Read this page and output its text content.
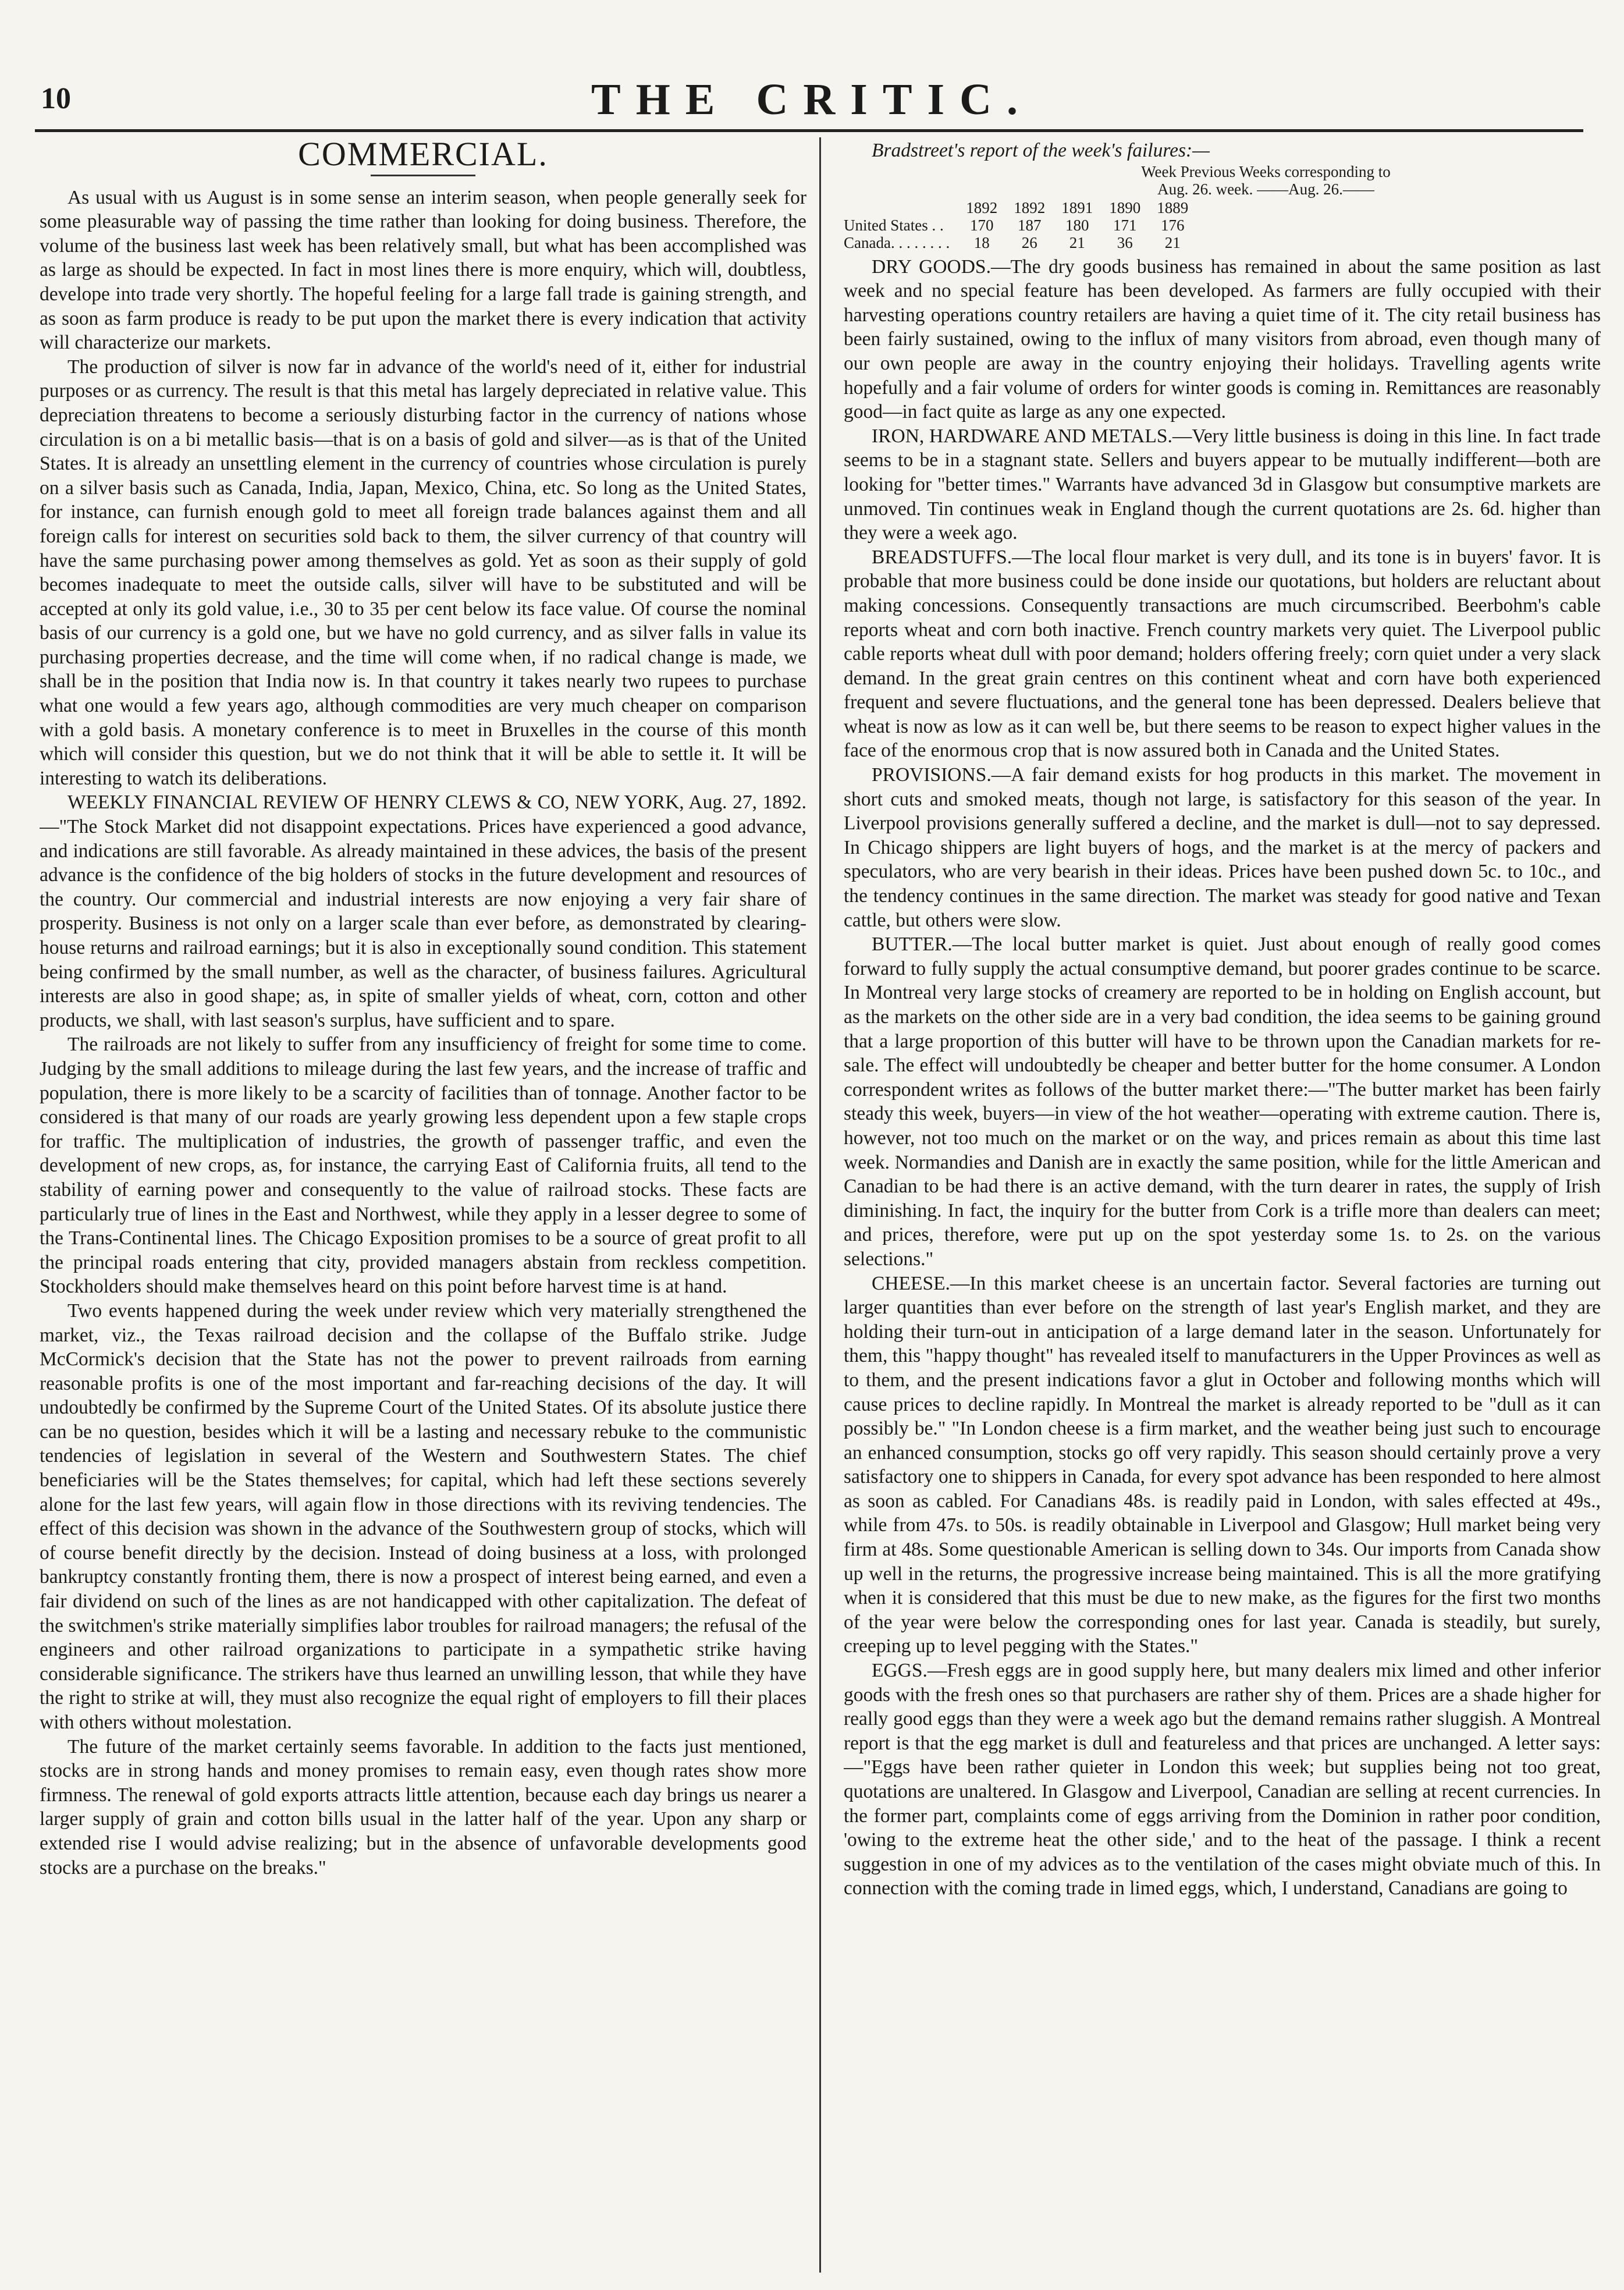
10	THE CRITIC.
COMMERCIAL.

As usual with us August is in some sense an interim season, when people generally seek for some pleasurable way of passing the time rather than looking for doing business. Therefore, the volume of the business last week has been relatively small, but what has been accomplished was as large as should be expected. In fact in most lines there is more enquiry, which will, doubtless, develope into trade very shortly. The hopeful feeling for a large fall trade is gaining strength, and as soon as farm produce is ready to be put upon the market there is every indication that activity will characterize our markets.

The production of silver is now far in advance of the world's need of it, either for industrial purposes or as currency. The result is that this metal has largely depreciated in relative value. This depreciation threatens to become a seriously disturbing factor in the currency of nations whose circulation is on a bi metallic basis—that is on a basis of gold and silver—as is that of the United States. It is already an unsettling element in the currency of countries whose circulation is purely on a silver basis such as Canada, India, Japan, Mexico, China, etc. So long as the United States, for instance, can furnish enough gold to meet all foreign trade balances against them and all foreign calls for interest on securities sold back to them, the silver currency of that country will have the same purchasing power among themselves as gold. Yet as soon as their supply of gold becomes inadequate to meet the outside calls, silver will have to be substituted and will be accepted at only its gold value, i.e., 30 to 35 per cent below its face value. Of course the nominal basis of our currency is a gold one, but we have no gold currency, and as silver falls in value its purchasing properties decrease, and the time will come when, if no radical change is made, we shall be in the position that India now is. In that country it takes nearly two rupees to purchase what one would a few years ago, although commodities are very much cheaper on comparison with a gold basis. A monetary conference is to meet in Bruxelles in the course of this month which will consider this question, but we do not think that it will be able to settle it. It will be interesting to watch its deliberations.

WEEKLY FINANCIAL REVIEW OF HENRY CLEWS & CO, NEW YORK, Aug. 27, 1892.—"The Stock Market did not disappoint expectations. Prices have experienced a good advance, and indications are still favorable. As already maintained in these advices, the basis of the present advance is the confidence of the big holders of stocks in the future development and resources of the country. Our commercial and industrial interests are now enjoying a very fair share of prosperity. Business is not only on a larger scale than ever before, as demonstrated by clearing-house returns and railroad earnings; but it is also in exceptionally sound condition. This statement being confirmed by the small number, as well as the character, of business failures. Agricultural interests are also in good shape; as, in spite of smaller yields of wheat, corn, cotton and other products, we shall, with last season's surplus, have sufficient and to spare.

The railroads are not likely to suffer from any insufficiency of freight for some time to come. Judging by the small additions to mileage during the last few years, and the increase of traffic and population, there is more likely to be a scarcity of facilities than of tonnage. Another factor to be considered is that many of our roads are yearly growing less dependent upon a few staple crops for traffic. The multiplication of industries, the growth of passenger traffic, and even the development of new crops, as, for instance, the carrying East of California fruits, all tend to the stability of earning power and consequently to the value of railroad stocks. These facts are particularly true of lines in the East and Northwest, while they apply in a lesser degree to some of the Trans-Continental lines. The Chicago Exposition promises to be a source of great profit to all the principal roads entering that city, provided managers abstain from reckless competition. Stockholders should make themselves heard on this point before harvest time is at hand.

Two events happened during the week under review which very materially strengthened the market, viz., the Texas railroad decision and the collapse of the Buffalo strike. Judge McCormick's decision that the State has not the power to prevent railroads from earning reasonable profits is one of the most important and far-reaching decisions of the day. It will undoubtedly be confirmed by the Supreme Court of the United States. Of its absolute justice there can be no question, besides which it will be a lasting and necessary rebuke to the communistic tendencies of legislation in several of the Western and Southwestern States. The chief beneficiaries will be the States themselves; for capital, which had left these sections severely alone for the last few years, will again flow in those directions with its reviving tendencies. The effect of this decision was shown in the advance of the Southwestern group of stocks, which will of course benefit directly by the decision. Instead of doing business at a loss, with prolonged bankruptcy constantly fronting them, there is now a prospect of interest being earned, and even a fair dividend on such of the lines as are not handicapped with other capitalization. The defeat of the switchmen's strike materially simplifies labor troubles for railroad managers; the refusal of the engineers and other railroad organizations to participate in a sympathetic strike having considerable significance. The strikers have thus learned an unwilling lesson, that while they have the right to strike at will, they must also recognize the equal right of employers to fill their places with others without molestation.

The future of the market certainly seems favorable. In addition to the facts just mentioned, stocks are in strong hands and money promises to remain easy, even though rates show more firmness. The renewal of gold exports attracts little attention, because each day brings us nearer a larger supply of grain and cotton bills usual in the latter half of the year. Upon any sharp or extended rise I would advise realizing; but in the absence of unfavorable developments good stocks are a purchase on the breaks."

Bradstreet's report of the week's failures:—

Week Previous Weeks corresponding to
Aug. 26. week. ——Aug. 26.——
	1892	1892	1891	1890	1889
United States . .	170	187	180	171	176
Canada. . . . . . . .	18	26	21	36	21

DRY GOODS.—The dry goods business has remained in about the same position as last week and no special feature has been developed. As farmers are fully occupied with their harvesting operations country retailers are having a quiet time of it. The city retail business has been fairly sustained, owing to the influx of many visitors from abroad, even though many of our own people are away in the country enjoying their holidays. Travelling agents write hopefully and a fair volume of orders for winter goods is coming in. Remittances are reasonably good—in fact quite as large as any one expected.

IRON, HARDWARE AND METALS.—Very little business is doing in this line. In fact trade seems to be in a stagnant state. Sellers and buyers appear to be mutually indifferent—both are looking for "better times." Warrants have advanced 3d in Glasgow but consumptive markets are unmoved. Tin continues weak in England though the current quotations are 2s. 6d. higher than they were a week ago.

BREADSTUFFS.—The local flour market is very dull, and its tone is in buyers' favor. It is probable that more business could be done inside our quotations, but holders are reluctant about making concessions. Consequently transactions are much circumscribed. Beerbohm's cable reports wheat and corn both inactive. French country markets very quiet. The Liverpool public cable reports wheat dull with poor demand; holders offering freely; corn quiet under a very slack demand. In the great grain centres on this continent wheat and corn have both experienced frequent and severe fluctuations, and the general tone has been depressed. Dealers believe that wheat is now as low as it can well be, but there seems to be reason to expect higher values in the face of the enormous crop that is now assured both in Canada and the United States.

PROVISIONS.—A fair demand exists for hog products in this market. The movement in short cuts and smoked meats, though not large, is satisfactory for this season of the year. In Liverpool provisions generally suffered a decline, and the market is dull—not to say depressed. In Chicago shippers are light buyers of hogs, and the market is at the mercy of packers and speculators, who are very bearish in their ideas. Prices have been pushed down 5c. to 10c., and the tendency continues in the same direction. The market was steady for good native and Texan cattle, but others were slow.

BUTTER.—The local butter market is quiet. Just about enough of really good comes forward to fully supply the actual consumptive demand, but poorer grades continue to be scarce. In Montreal very large stocks of creamery are reported to be in holding on English account, but as the markets on the other side are in a very bad condition, the idea seems to be gaining ground that a large proportion of this butter will have to be thrown upon the Canadian markets for re-sale. The effect will undoubtedly be cheaper and better butter for the home consumer. A London correspondent writes as follows of the butter market there:—"The butter market has been fairly steady this week, buyers—in view of the hot weather—operating with extreme caution. There is, however, not too much on the market or on the way, and prices remain as about this time last week. Normandies and Danish are in exactly the same position, while for the little American and Canadian to be had there is an active demand, with the turn dearer in rates, the supply of Irish diminishing. In fact, the inquiry for the butter from Cork is a trifle more than dealers can meet; and prices, therefore, were put up on the spot yesterday some 1s. to 2s. on the various selections."

CHEESE.—In this market cheese is an uncertain factor. Several factories are turning out larger quantities than ever before on the strength of last year's English market, and they are holding their turn-out in anticipation of a large demand later in the season. Unfortunately for them, this "happy thought" has revealed itself to manufacturers in the Upper Provinces as well as to them, and the present indications favor a glut in October and following months which will cause prices to decline rapidly. In Montreal the market is already reported to be "dull as it can possibly be." "In London cheese is a firm market, and the weather being just such to encourage an enhanced consumption, stocks go off very rapidly. This season should certainly prove a very satisfactory one to shippers in Canada, for every spot advance has been responded to here almost as soon as cabled. For Canadians 48s. is readily paid in London, with sales effected at 49s., while from 47s. to 50s. is readily obtainable in Liverpool and Glasgow; Hull market being very firm at 48s. Some questionable American is selling down to 34s. Our imports from Canada show up well in the returns, the progressive increase being maintained. This is all the more gratifying when it is considered that this must be due to new make, as the figures for the first two months of the year were below the corresponding ones for last year. Canada is steadily, but surely, creeping up to level pegging with the States."

EGGS.—Fresh eggs are in good supply here, but many dealers mix limed and other inferior goods with the fresh ones so that purchasers are rather shy of them. Prices are a shade higher for really good eggs than they were a week ago but the demand remains rather sluggish. A Montreal report is that the egg market is dull and featureless and that prices are unchanged. A letter says:—"Eggs have been rather quieter in London this week; but supplies being not too great, quotations are unaltered. In Glasgow and Liverpool, Canadian are selling at recent currencies. In the former part, complaints come of eggs arriving from the Dominion in rather poor condition, 'owing to the extreme heat the other side,' and to the heat of the passage. I think a recent suggestion in one of my advices as to the ventilation of the cases might obviate much of this. In connection with the coming trade in limed eggs, which, I understand, Canadians are going to
